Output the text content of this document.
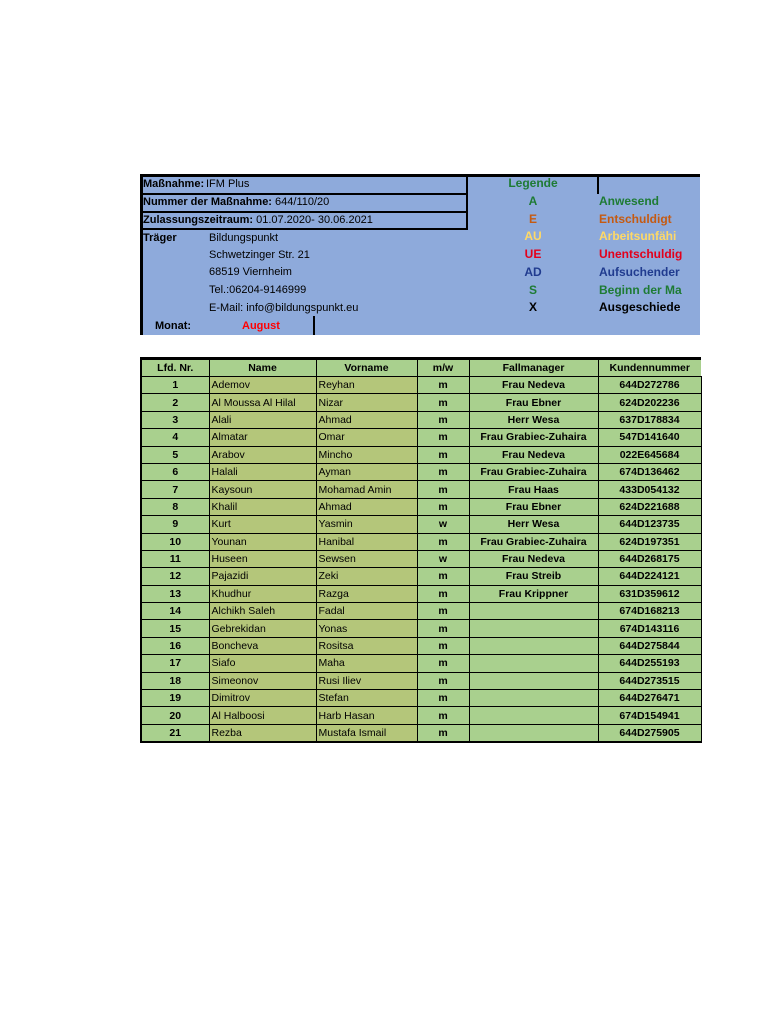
Maßnahme: IFM Plus
Nummer der Maßnahme: 644/110/20
Zulassungszeitraum: 01.07.2020- 30.06.2021
Träger	Bildungspunkt
Schwetzinger Str. 21
68519 Viernheim
Tel.:06204-9146999
E-Mail: info@bildungspunkt.eu
Monat:	August
Legende
A	Anwesend
E	Entschuldigt
AU	Arbeitsunfähi
UE	Unentschuldig
AD	Aufsuchender
S	Beginn der Ma
X	Ausgeschiede
Lfd. Nr.	Name	Vorname	m/w	Fallmanager	Kundennummer
1	Ademov	Reyhan	m	Frau Nedeva	644D272786
2	Al Moussa Al Hilal	Nizar	m	Frau Ebner	624D202236
3	Alali	Ahmad	m	Herr Wesa	637D178834
4	Almatar	Omar	m	Frau Grabiec-Zuhaira	547D141640
5	Arabov	Mincho	m	Frau Nedeva	022E645684
6	Halali	Ayman	m	Frau Grabiec-Zuhaira	674D136462
7	Kaysoun	Mohamad Amin	m	Frau Haas	433D054132
8	Khalil	Ahmad	m	Frau Ebner	624D221688
9	Kurt	Yasmin	w	Herr Wesa	644D123735
10	Younan	Hanibal	m	Frau Grabiec-Zuhaira	624D197351
11	Huseen	Sewsen	w	Frau Nedeva	644D268175
12	Pajazidi	Zeki	m	Frau Streib	644D224121
13	Khudhur	Razga	m	Frau Krippner	631D359612
14	Alchikh Saleh	Fadal	m		674D168213
15	Gebrekidan	Yonas	m		674D143116
16	Boncheva	Rositsa	m		644D275844
17	Siafo	Maha	m		644D255193
18	Simeonov	Rusi Iliev	m		644D273515
19	Dimitrov	Stefan	m		644D276471
20	Al Halboosi	Harb Hasan	m		674D154941
21	Rezba	Mustafa Ismail	m		644D275905
